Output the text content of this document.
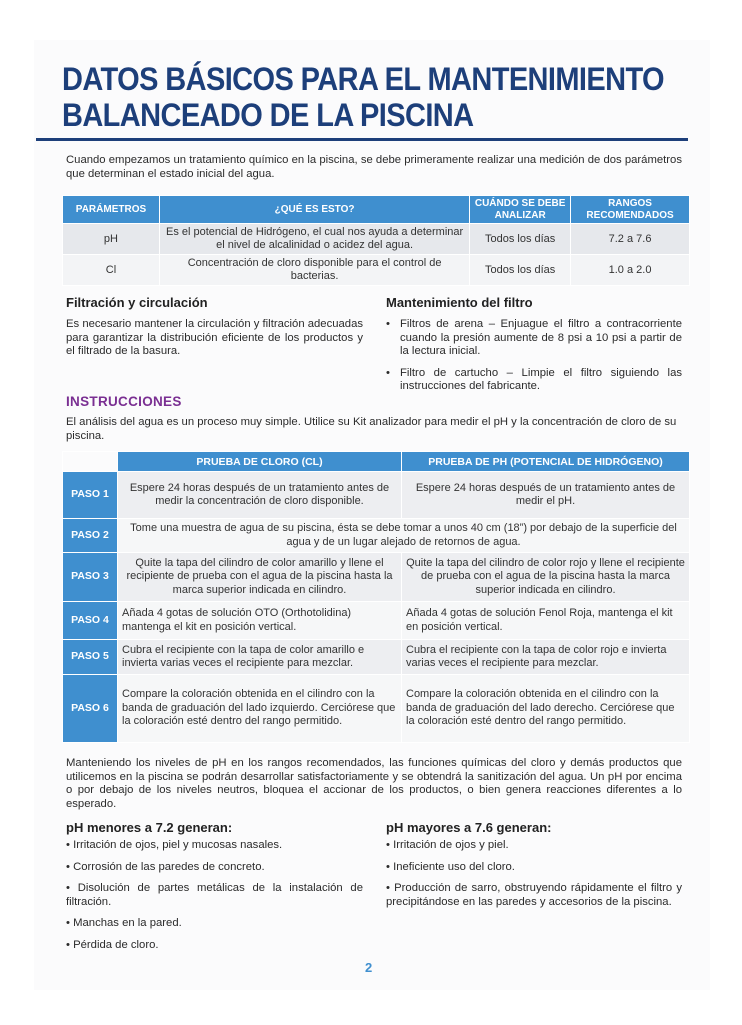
DATOS BÁSICOS PARA EL MANTENIMIENTO
BALANCEADO DE LA PISCINA
Cuando empezamos un tratamiento químico en la piscina, se debe primeramente realizar una medición de dos parámetros que determinan el estado inicial del agua.
PARÁMETROS	¿QUÉ ES ESTO?	CUÁNDO SE DEBE ANALIZAR	RANGOS RECOMENDADOS
pH	Es el potencial de Hidrógeno, el cual nos ayuda a determinar el nivel de alcalinidad o acidez del agua.	Todos los días	7.2 a 7.6
Cl	Concentración de cloro disponible para el control de bacterias.	Todos los días	1.0 a 2.0
Filtración y circulación
Es necesario mantener la circulación y filtración adecuadas para garantizar la distribución eficiente de los productos y el filtrado de la basura.
Mantenimiento del filtro
• Filtros de arena – Enjuague el filtro a contracorriente cuando la presión aumente de 8 psi a 10 psi a partir de la lectura inicial.
• Filtro de cartucho – Limpie el filtro siguiendo las instrucciones del fabricante.
INSTRUCCIONES
El análisis del agua es un proceso muy simple. Utilice su Kit analizador para medir el pH y la concentración de cloro de su piscina.
	PRUEBA DE CLORO (CL)	PRUEBA DE PH (POTENCIAL DE HIDRÓGENO)
PASO 1	Espere 24 horas después de un tratamiento antes de medir la concentración de cloro disponible.	Espere 24 horas después de un tratamiento antes de medir el pH.
PASO 2	Tome una muestra de agua de su piscina, ésta se debe tomar a unos 40 cm (18”) por debajo de la superficie del agua y de un lugar alejado de retornos de agua.	
PASO 3	Quite la tapa del cilindro de color amarillo y llene el recipiente de prueba con el agua de la piscina hasta la marca superior indicada en cilindro.	Quite la tapa del cilindro de color rojo y llene el recipiente de prueba con el agua de la piscina hasta la marca superior indicada en cilindro.
PASO 4	Añada 4 gotas de solución OTO (Orthotolidina) mantenga el kit en posición vertical.	Añada 4 gotas de solución Fenol Roja, mantenga el kit en posición vertical.
PASO 5	Cubra el recipiente con la tapa de color amarillo e invierta varias veces el recipiente para mezclar.	Cubra el recipiente con la tapa de color rojo e invierta varias veces el recipiente para mezclar.
PASO 6	Compare la coloración obtenida en el cilindro con la banda de graduación del lado izquierdo. Cerciórese que la coloración esté dentro del rango permitido.	Compare la coloración obtenida en el cilindro con la banda de graduación del lado derecho. Cerciórese que la coloración esté dentro del rango permitido.
Manteniendo los niveles de pH en los rangos recomendados, las funciones químicas del cloro y demás productos que utilicemos en la piscina se podrán desarrollar satisfactoriamente y se obtendrá la sanitización del agua. Un pH por encima o por debajo de los niveles neutros, bloquea el accionar de los productos, o bien genera reacciones diferentes a lo esperado.
pH menores a 7.2 generan:
• Irritación de ojos, piel y mucosas nasales.
• Corrosión de las paredes de concreto.
• Disolución de partes metálicas de la instalación de filtración.
• Manchas en la pared.
• Pérdida de cloro.
pH mayores a 7.6 generan:
• Irritación de ojos y piel.
• Ineficiente uso del cloro.
• Producción de sarro, obstruyendo rápidamente el filtro y precipitándose en las paredes y accesorios de la piscina.
2
